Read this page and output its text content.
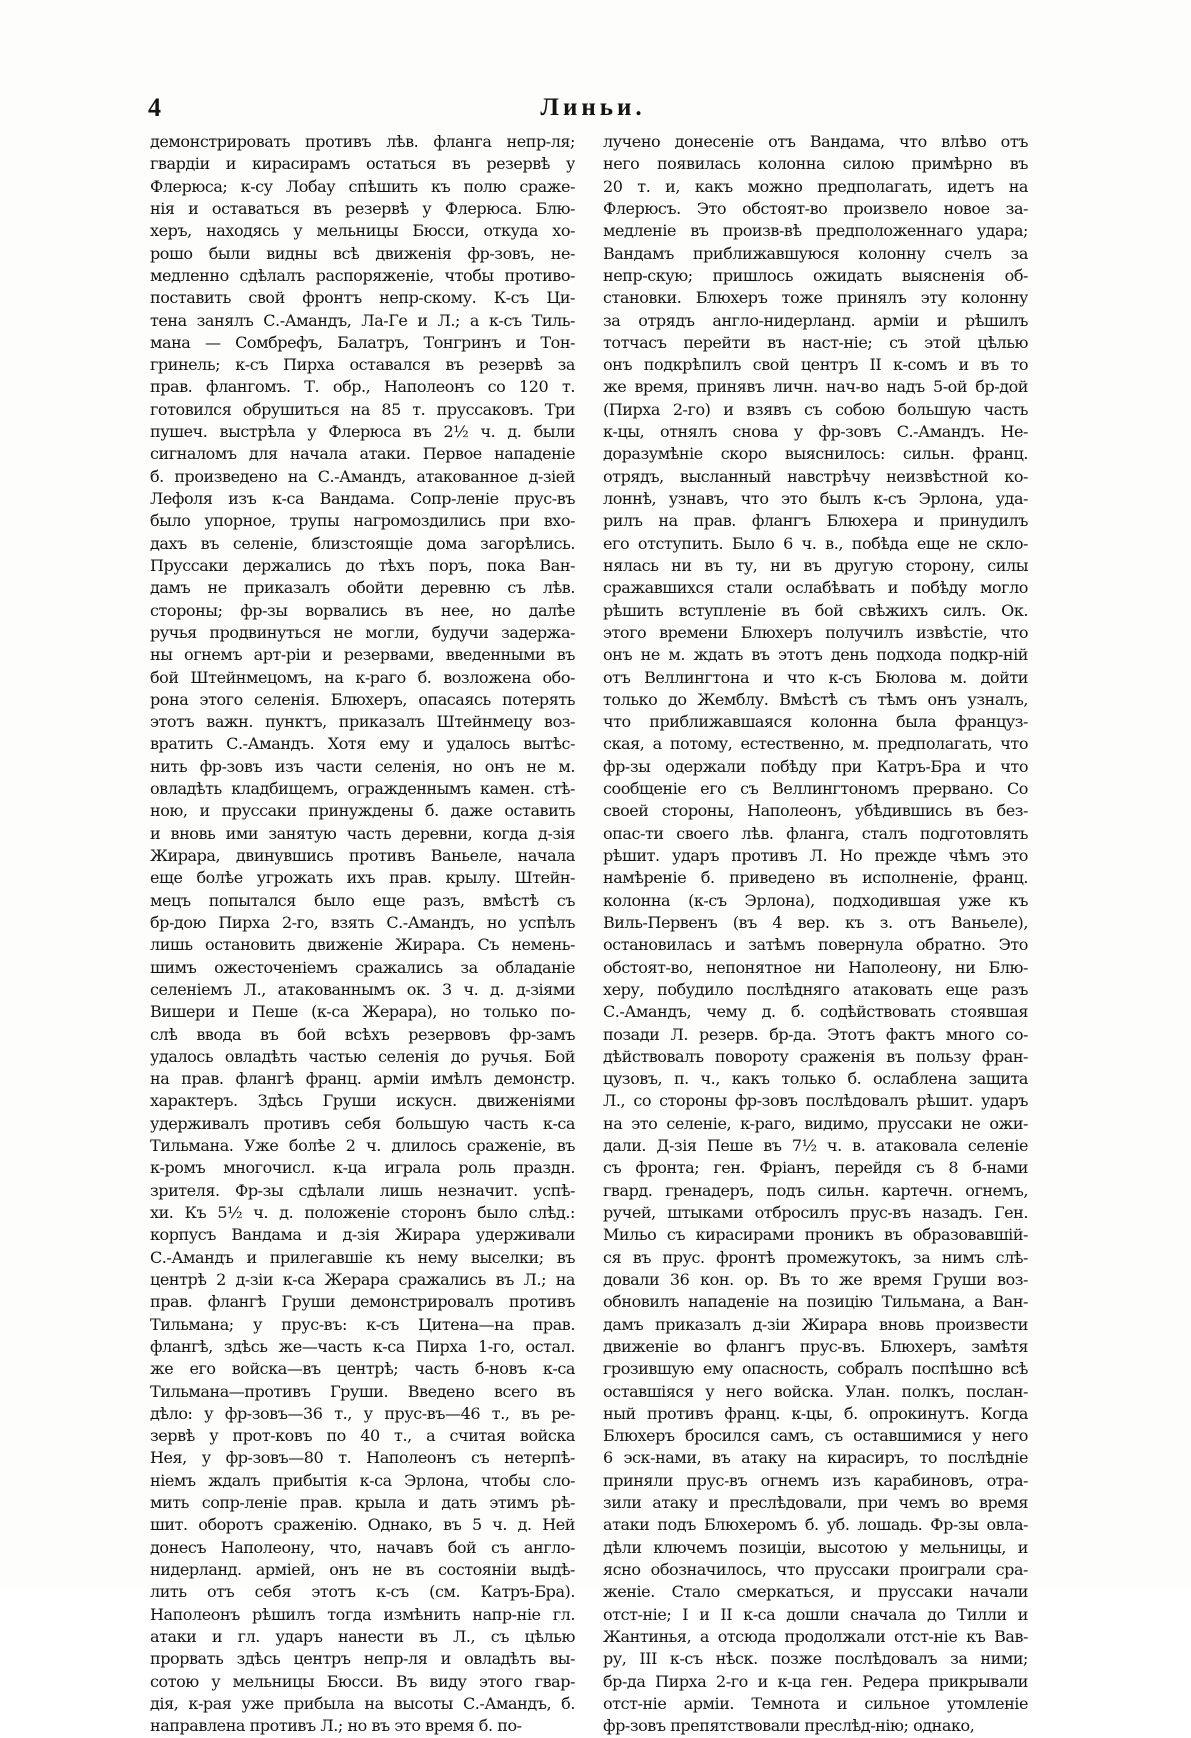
4	Линьи.
демонстрировать противъ лѣв. фланга непр-ля;
гвардіи и кирасирамъ остаться въ резервѣ у
Флерюса; к-су Лобау спѣшить къ полю сраже-
нія и оставаться въ резервѣ у Флерюса. Блю-
херъ, находясь у мельницы Бюсси, откуда хо-
рошо были видны всѣ движенія фр-зовъ, не-
медленно сдѣлалъ распоряженіе, чтобы противо-
поставить свой фронтъ непр-скому. К-съ Ци-
тена занялъ С.-Амандъ, Ла-Ге и Л.; а к-съ Тиль-
мана — Сомбрефъ, Балатръ, Тонгринъ и Тон-
гринель; к-съ Пирха оставался въ резервѣ за
прав. флангомъ. Т. обр., Наполеонъ со 120 т.
готовился обрушиться на 85 т. пруссаковъ. Три
пушеч. выстрѣла у Флерюса въ 2½ ч. д. были
сигналомъ для начала атаки. Первое нападеніе
б. произведено на С.-Амандъ, атакованное д-зіей
Лефоля изъ к-са Вандама. Сопр-леніе прус-въ
было упорное, трупы нагромоздились при вхо-
дахъ въ селеніе, близстоящіе дома загорѣлись.
Пруссаки держались до тѣхъ поръ, пока Ван-
дамъ не приказалъ обойти деревню съ лѣв.
стороны; фр-зы ворвались въ нее, но далѣе
ручья продвинуться не могли, будучи задержа-
ны огнемъ арт-ріи и резервами, введенными въ
бой Штейнмецомъ, на к-раго б. возложена обо-
рона этого селенія. Блюхеръ, опасаясь потерять
этотъ важн. пунктъ, приказалъ Штейнмецу воз-
вратить С.-Амандъ. Хотя ему и удалось вытѣс-
нить фр-зовъ изъ части селенія, но онъ не м.
овладѣть кладбищемъ, огражденнымъ камен. стѣ-
ною, и пруссаки принуждены б. даже оставить
и вновь ими занятую часть деревни, когда д-зія
Жирара, двинувшись противъ Ваньеле, начала
еще болѣе угрожать ихъ прав. крылу. Штейн-
мецъ попытался было еще разъ, вмѣстѣ съ
бр-дою Пирха 2-го, взять С.-Амандъ, но успѣлъ
лишь остановить движеніе Жирара. Съ немень-
шимъ ожесточеніемъ сражались за обладаніе
селеніемъ Л., атакованнымъ ок. 3 ч. д. д-зіями
Вишери и Пеше (к-са Жерара), но только по-
слѣ ввода въ бой всѣхъ резервовъ фр-замъ
удалось овладѣть частью селенія до ручья. Бой
на прав. флангѣ франц. арміи имѣлъ демонстр.
характеръ. Здѣсь Груши искусн. движеніями
удерживалъ противъ себя большую часть к-са
Тильмана. Уже болѣе 2 ч. длилось сраженіе, въ
к-ромъ многочисл. к-ца играла роль праздн.
зрителя. Фр-зы сдѣлали лишь незначит. успѣ-
хи. Къ 5½ ч. д. положеніе сторонъ было слѣд.:
корпусъ Вандама и д-зія Жирара удерживали
С.-Амандъ и прилегавшіе къ нему выселки; въ
центрѣ 2 д-зіи к-са Жерара сражались въ Л.; на
прав. флангѣ Груши демонстрировалъ противъ
Тильмана; у прус-въ: к-съ Цитена—на прав.
флангѣ, здѣсь же—часть к-са Пирха 1-го, остал.
же его войска—въ центрѣ; часть б-новъ к-са
Тильмана—противъ Груши. Введено всего въ
дѣло: у фр-зовъ—36 т., у прус-въ—46 т., въ ре-
зервѣ у прот-ковъ по 40 т., а считая войска
Нея, у фр-зовъ—80 т. Наполеонъ съ нетерпѣ-
ніемъ ждалъ прибытія к-са Эрлона, чтобы сло-
мить сопр-леніе прав. крыла и дать этимъ рѣ-
шит. оборотъ сраженію. Однако, въ 5 ч. д. Ней
донесъ Наполеону, что, начавъ бой съ англо-
нидерланд. арміей, онъ не въ состояніи выдѣ-
лить отъ себя этотъ к-съ (см. Катръ-Бра).
Наполеонъ рѣшилъ тогда измѣнить напр-ніе гл.
атаки и гл. ударъ нанести въ Л., съ цѣлью
прорвать здѣсь центръ непр-ля и овладѣть вы-
сотою у мельницы Бюсси. Въ виду этого гвар-
дія, к-рая уже прибыла на высоты С.-Амандъ, б.
направлена противъ Л.; но въ это время б. по-
лучено донесеніе отъ Вандама, что влѣво отъ
него появилась колонна силою примѣрно въ
20 т. и, какъ можно предполагать, идетъ на
Флерюсъ. Это обстоят-во произвело новое за-
медленіе въ произв-вѣ предположеннаго удара;
Вандамъ приближавшуюся колонну счелъ за
непр-скую; пришлось ожидать выясненія об-
становки. Блюхеръ тоже принялъ эту колонну
за отрядъ англо-нидерланд. арміи и рѣшилъ
тотчасъ перейти въ наст-ніе; съ этой цѣлью
онъ подкрѣпилъ свой центръ II к-сомъ и въ то
же время, принявъ личн. нач-во надъ 5-ой бр-дой
(Пирха 2-го) и взявъ съ собою большую часть
к-цы, отнялъ снова у фр-зовъ С.-Амандъ. Не-
доразумѣніе скоро выяснилось: сильн. франц.
отрядъ, высланный навстрѣчу неизвѣстной ко-
лоннѣ, узнавъ, что это былъ к-съ Эрлона, уда-
рилъ на прав. флангъ Блюхера и принудилъ
его отступить. Было 6 ч. в., побѣда еще не скло-
нялась ни въ ту, ни въ другую сторону, силы
сражавшихся стали ослабѣвать и побѣду могло
рѣшить вступленіе въ бой свѣжихъ силъ. Ок.
этого времени Блюхеръ получилъ извѣстіе, что
онъ не м. ждать въ этотъ день подхода подкр-ній
отъ Веллингтона и что к-съ Бюлова м. дойти
только до Жемблу. Вмѣстѣ съ тѣмъ онъ узналъ,
что приближавшаяся колонна была француз-
ская, а потому, естественно, м. предполагать, что
фр-зы одержали побѣду при Катръ-Бра и что
сообщеніе его съ Веллингтономъ прервано. Со
своей стороны, Наполеонъ, убѣдившись въ без-
опас-ти своего лѣв. фланга, сталъ подготовлять
рѣшит. ударъ противъ Л. Но прежде чѣмъ это
намѣреніе б. приведено въ исполненіе, франц.
колонна (к-съ Эрлона), подходившая уже къ
Виль-Первенъ (въ 4 вер. къ з. отъ Ваньеле),
остановилась и затѣмъ повернула обратно. Это
обстоят-во, непонятное ни Наполеону, ни Блю-
херу, побудило послѣдняго атаковать еще разъ
С.-Амандъ, чему д. б. содѣйствовать стоявшая
позади Л. резерв. бр-да. Этотъ фактъ много со-
дѣйствовалъ повороту сраженія въ пользу фран-
цузовъ, п. ч., какъ только б. ослаблена защита
Л., со стороны фр-зовъ послѣдовалъ рѣшит. ударъ
на это селеніе, к-раго, видимо, пруссаки не ожи-
дали. Д-зія Пеше въ 7½ ч. в. атаковала селеніе
съ фронта; ген. Фріанъ, перейдя съ 8 б-нами
гвард. гренадеръ, подъ сильн. картечн. огнемъ,
ручей, штыками отбросилъ прус-въ назадъ. Ген.
Мильо съ кирасирами проникъ въ образовавшій-
ся въ прус. фронтѣ промежутокъ, за нимъ слѣ-
довали 36 кон. ор. Въ то же время Груши воз-
обновилъ нападеніе на позицію Тильмана, а Ван-
дамъ приказалъ д-зіи Жирара вновь произвести
движеніе во флангъ прус-въ. Блюхеръ, замѣтя
грозившую ему опасность, собралъ поспѣшно всѣ
оставшіяся у него войска. Улан. полкъ, послан-
ный противъ франц. к-цы, б. опрокинутъ. Когда
Блюхеръ бросился самъ, съ оставшимися у него
6 эск-нами, въ атаку на кирасиръ, то послѣдніе
приняли прус-въ огнемъ изъ карабиновъ, отра-
зили атаку и преслѣдовали, при чемъ во время
атаки подъ Блюхеромъ б. уб. лошадь. Фр-зы овла-
дѣли ключемъ позиціи, высотою у мельницы, и
ясно обозначилось, что пруссаки проиграли сра-
женіе. Стало смеркаться, и пруссаки начали
отст-ніе; I и II к-са дошли сначала до Тилли и
Жантинья, а отсюда продолжали отст-ніе къ Вав-
ру, III к-съ нѣск. позже послѣдовалъ за ними;
бр-да Пирха 2-го и к-ца ген. Редера прикрывали
отст-ніе арміи. Темнота и сильное утомленіе
фр-зовъ препятствовали преслѣд-нію; однако,
